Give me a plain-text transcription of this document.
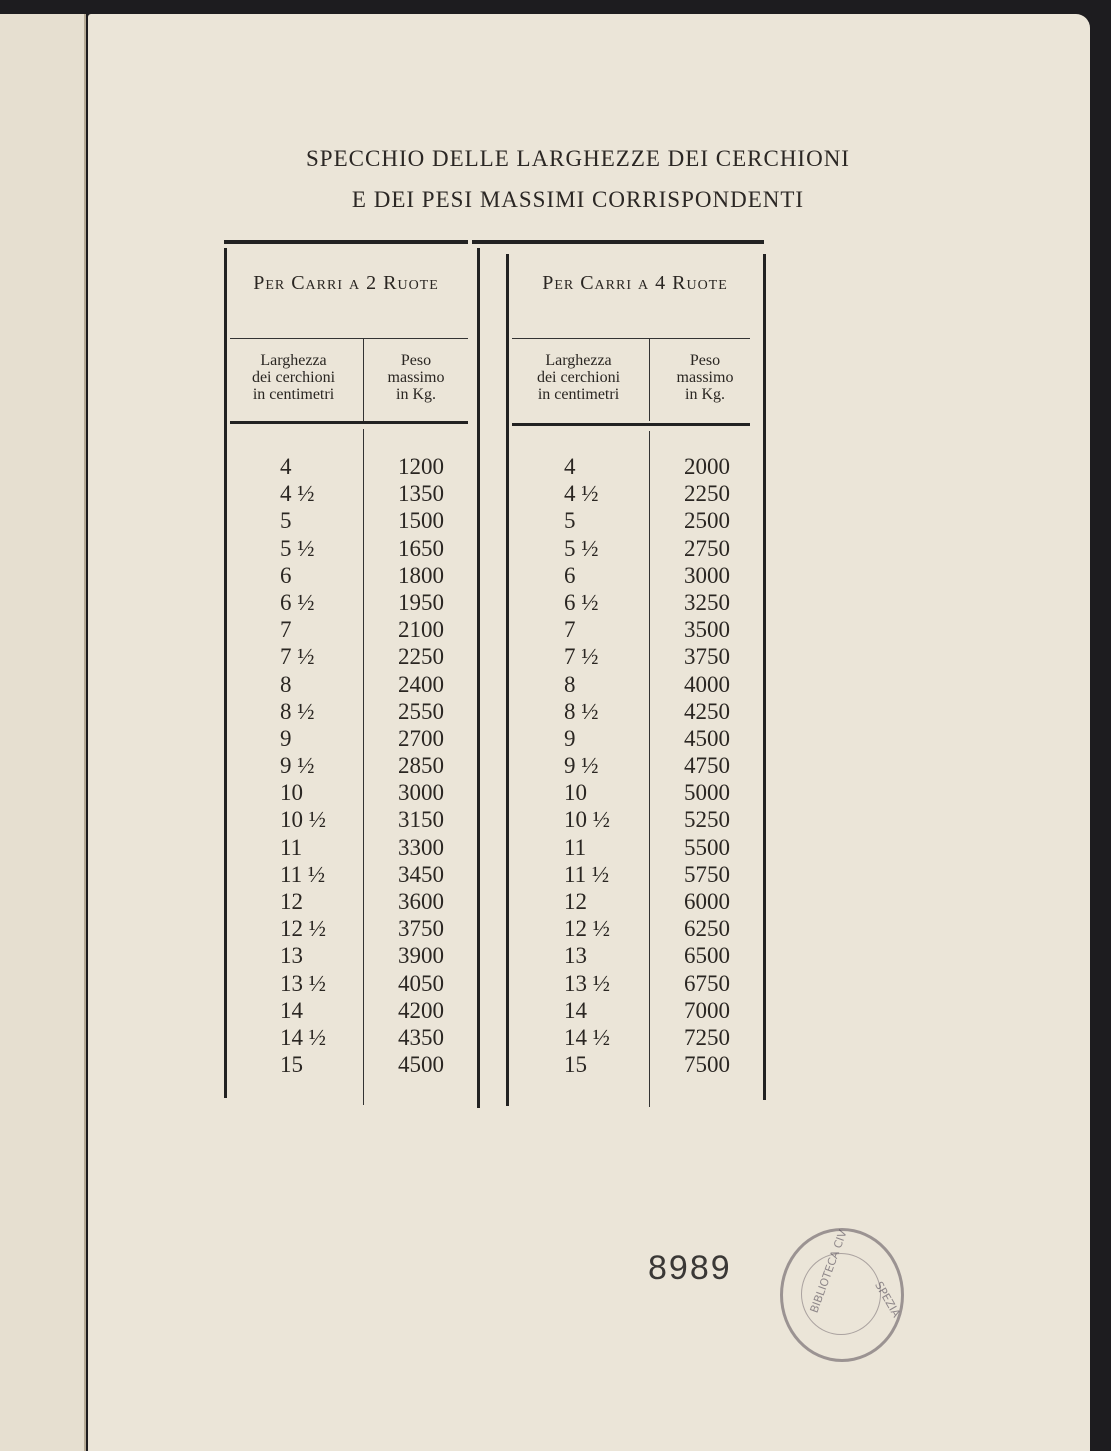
SPECCHIO DELLE LARGHEZZE DEI CERCHIONI
E DEI PESI MASSIMI CORRISPONDENTI
Per Carri a 2 Ruote
Larghezza
dei cerchioni
in centimetri
Peso
massimo
in Kg.
4	1200
4 ½	1350
5	1500
5 ½	1650
6	1800
6 ½	1950
7	2100
7 ½	2250
8	2400
8 ½	2550
9	2700
9 ½	2850
10	3000
10 ½	3150
11	3300
11 ½	3450
12	3600
12 ½	3750
13	3900
13 ½	4050
14	4200
14 ½	4350
15	4500
Per Carri a 4 Ruote
Larghezza
dei cerchioni
in centimetri
Peso
massimo
in Kg.
4	2000
4 ½	2250
5	2500
5 ½	2750
6	3000
6 ½	3250
7	3500
7 ½	3750
8	4000
8 ½	4250
9	4500
9 ½	4750
10	5000
10 ½	5250
11	5500
11 ½	5750
12	6000
12 ½	6250
13	6500
13 ½	6750
14	7000
14 ½	7250
15	7500
8989	BIBLIOTECA CIV SPEZIA
